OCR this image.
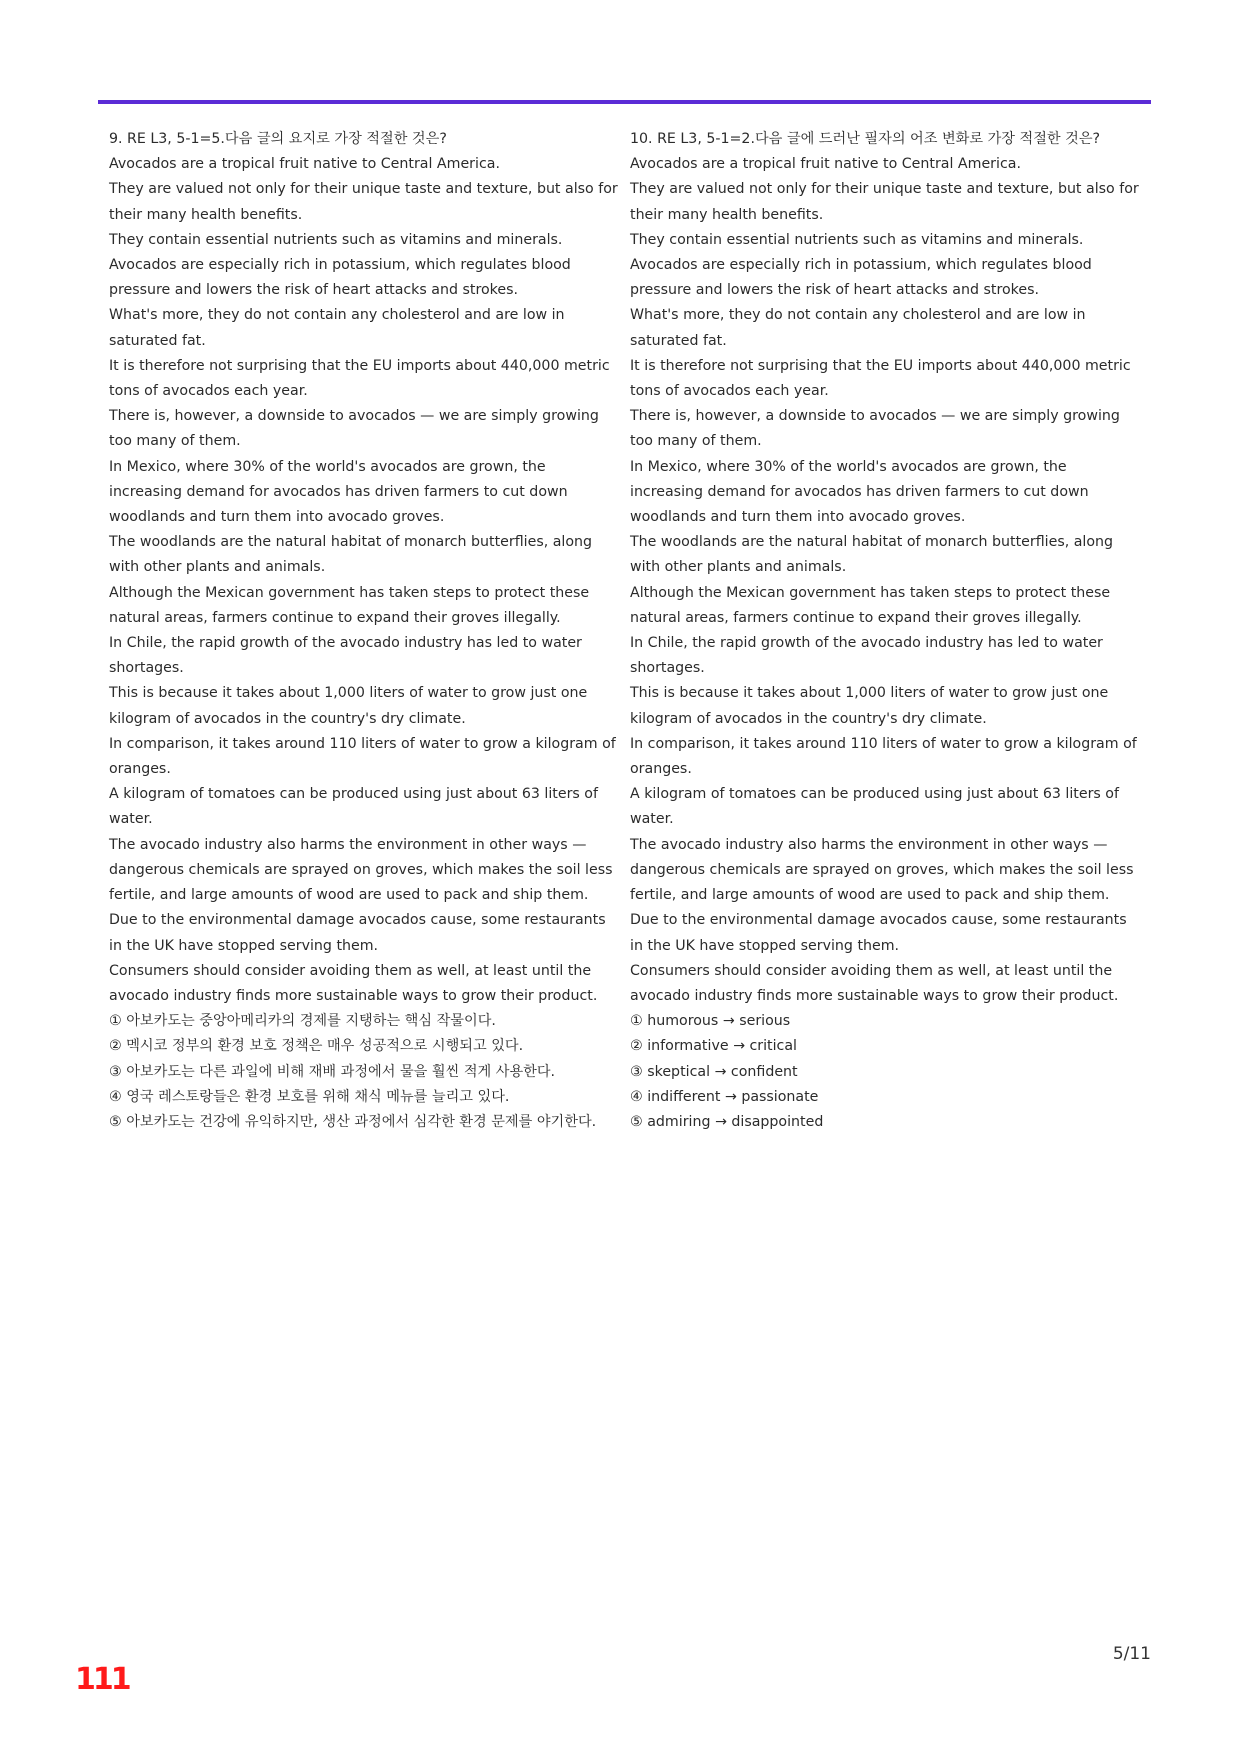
9. RE L3, 5-1=5.다음 글의 요지로 가장 적절한 것은?

Avocados are a tropical fruit native to Central America.

They are valued not only for their unique taste and texture, but also for their many health benefits.

They contain essential nutrients such as vitamins and minerals.

Avocados are especially rich in potassium, which regulates blood pressure and lowers the risk of heart attacks and strokes.

What's more, they do not contain any cholesterol and are low in saturated fat.

It is therefore not surprising that the EU imports about 440,000 metric tons of avocados each year.

There is, however, a downside to avocados — we are simply growing too many of them.

In Mexico, where 30% of the world's avocados are grown, the increasing demand for avocados has driven farmers to cut down woodlands and turn them into avocado groves.

The woodlands are the natural habitat of monarch butterflies, along with other plants and animals.

Although the Mexican government has taken steps to protect these natural areas, farmers continue to expand their groves illegally.

In Chile, the rapid growth of the avocado industry has led to water shortages.

This is because it takes about 1,000 liters of water to grow just one kilogram of avocados in the country's dry climate.

In comparison, it takes around 110 liters of water to grow a kilogram of oranges.

A kilogram of tomatoes can be produced using just about 63 liters of water.

The avocado industry also harms the environment in other ways — dangerous chemicals are sprayed on groves, which makes the soil less fertile, and large amounts of wood are used to pack and ship them.

Due to the environmental damage avocados cause, some restaurants in the UK have stopped serving them.

Consumers should consider avoiding them as well, at least until the avocado industry finds more sustainable ways to grow their product.

① 아보카도는 중앙아메리카의 경제를 지탱하는 핵심 작물이다.
② 멕시코 정부의 환경 보호 정책은 매우 성공적으로 시행되고 있다.
③ 아보카도는 다른 과일에 비해 재배 과정에서 물을 훨씬 적게 사용한다.
④ 영국 레스토랑들은 환경 보호를 위해 채식 메뉴를 늘리고 있다.
⑤ 아보카도는 건강에 유익하지만, 생산 과정에서 심각한 환경 문제를 야기한다.

10. RE L3, 5-1=2.다음 글에 드러난 필자의 어조 변화로 가장 적절한 것은?

Avocados are a tropical fruit native to Central America.

They are valued not only for their unique taste and texture, but also for their many health benefits.

They contain essential nutrients such as vitamins and minerals.

Avocados are especially rich in potassium, which regulates blood pressure and lowers the risk of heart attacks and strokes.

What's more, they do not contain any cholesterol and are low in saturated fat.

It is therefore not surprising that the EU imports about 440,000 metric tons of avocados each year.

There is, however, a downside to avocados — we are simply growing too many of them.

In Mexico, where 30% of the world's avocados are grown, the increasing demand for avocados has driven farmers to cut down woodlands and turn them into avocado groves.

The woodlands are the natural habitat of monarch butterflies, along with other plants and animals.

Although the Mexican government has taken steps to protect these natural areas, farmers continue to expand their groves illegally.

In Chile, the rapid growth of the avocado industry has led to water shortages.

This is because it takes about 1,000 liters of water to grow just one kilogram of avocados in the country's dry climate.

In comparison, it takes around 110 liters of water to grow a kilogram of oranges.

A kilogram of tomatoes can be produced using just about 63 liters of water.

The avocado industry also harms the environment in other ways — dangerous chemicals are sprayed on groves, which makes the soil less fertile, and large amounts of wood are used to pack and ship them.

Due to the environmental damage avocados cause, some restaurants in the UK have stopped serving them.

Consumers should consider avoiding them as well, at least until the avocado industry finds more sustainable ways to grow their product.

① humorous → serious
② informative → critical
③ skeptical → confident
④ indifferent → passionate
⑤ admiring → disappointed
5/11
111
